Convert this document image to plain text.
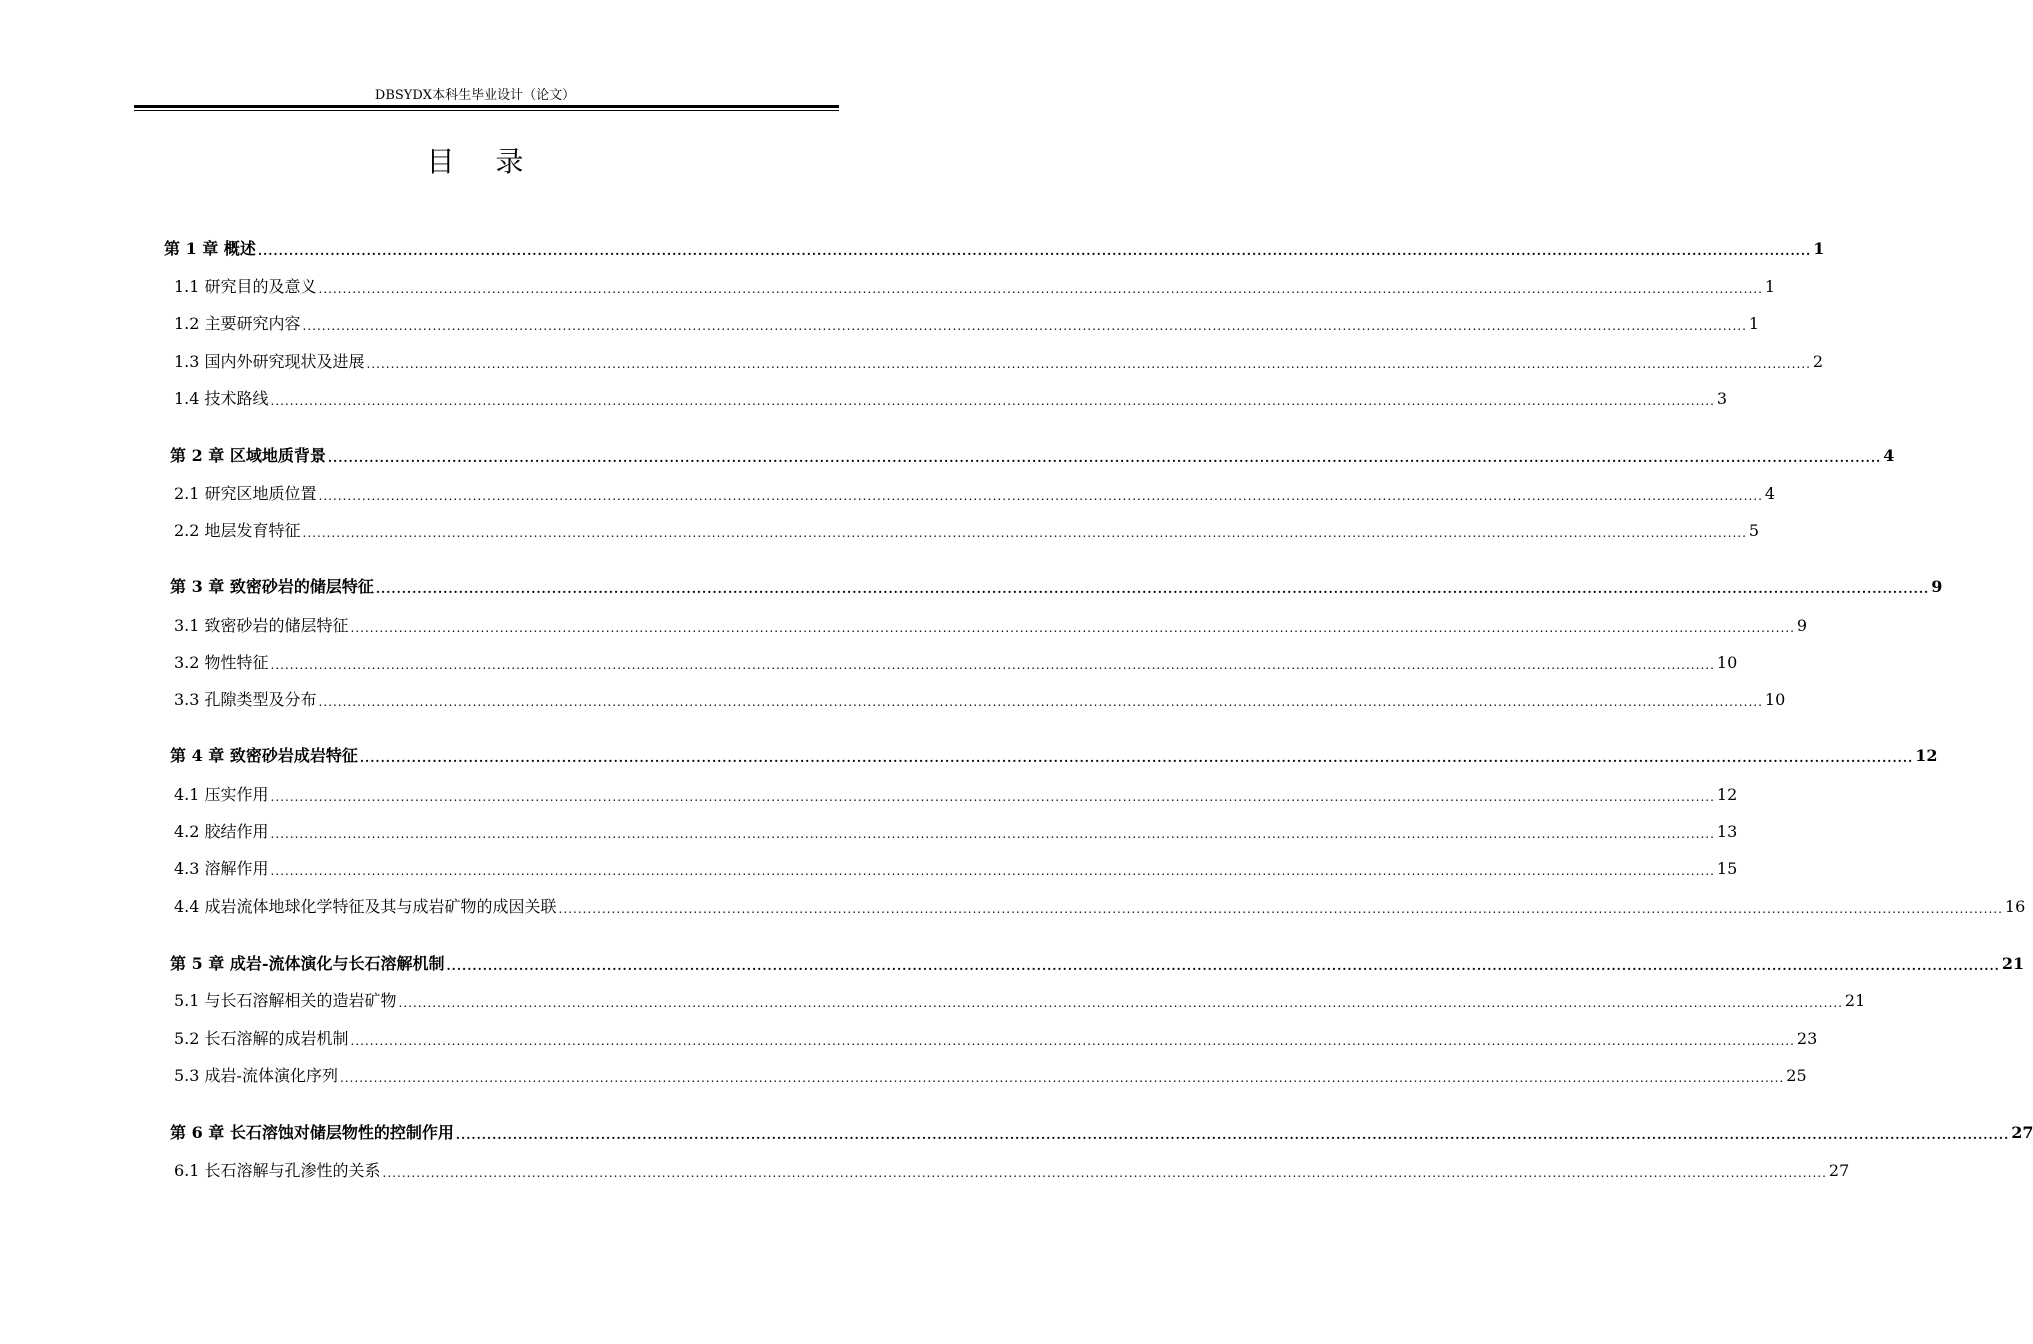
DBSYDX本科生毕业设计（论文）
目 录
第 1 章 概述 ............................................................................................................................................................................................................................................................................................................ 1
1.1 研究目的及意义 ............................................................................................................................................................................................................................................................................................................ 1
1.2 主要研究内容 ............................................................................................................................................................................................................................................................................................................ 1
1.3 国内外研究现状及进展 ............................................................................................................................................................................................................................................................................................................ 2
1.4 技术路线 ............................................................................................................................................................................................................................................................................................................ 3
第 2 章 区域地质背景 ............................................................................................................................................................................................................................................................................................................ 4
2.1 研究区地质位置 ............................................................................................................................................................................................................................................................................................................ 4
2.2 地层发育特征 ............................................................................................................................................................................................................................................................................................................ 5
第 3 章 致密砂岩的储层特征 ............................................................................................................................................................................................................................................................................................................ 9
3.1 致密砂岩的储层特征 ............................................................................................................................................................................................................................................................................................................ 9
3.2 物性特征 ............................................................................................................................................................................................................................................................................................................ 10
3.3 孔隙类型及分布 ............................................................................................................................................................................................................................................................................................................ 10
第 4 章 致密砂岩成岩特征 ............................................................................................................................................................................................................................................................................................................ 12
4.1 压实作用 ............................................................................................................................................................................................................................................................................................................ 12
4.2 胶结作用 ............................................................................................................................................................................................................................................................................................................ 13
4.3 溶解作用 ............................................................................................................................................................................................................................................................................................................ 15
4.4 成岩流体地球化学特征及其与成岩矿物的成因关联 ............................................................................................................................................................................................................................................................................................................ 16
第 5 章 成岩-流体演化与长石溶解机制 ............................................................................................................................................................................................................................................................................................................ 21
5.1 与长石溶解相关的造岩矿物 ............................................................................................................................................................................................................................................................................................................ 21
5.2 长石溶解的成岩机制 ............................................................................................................................................................................................................................................................................................................ 23
5.3 成岩-流体演化序列 ............................................................................................................................................................................................................................................................................................................ 25
第 6 章 长石溶蚀对储层物性的控制作用 ............................................................................................................................................................................................................................................................................................................ 27
6.1 长石溶解与孔渗性的关系 ............................................................................................................................................................................................................................................................................................................ 27
